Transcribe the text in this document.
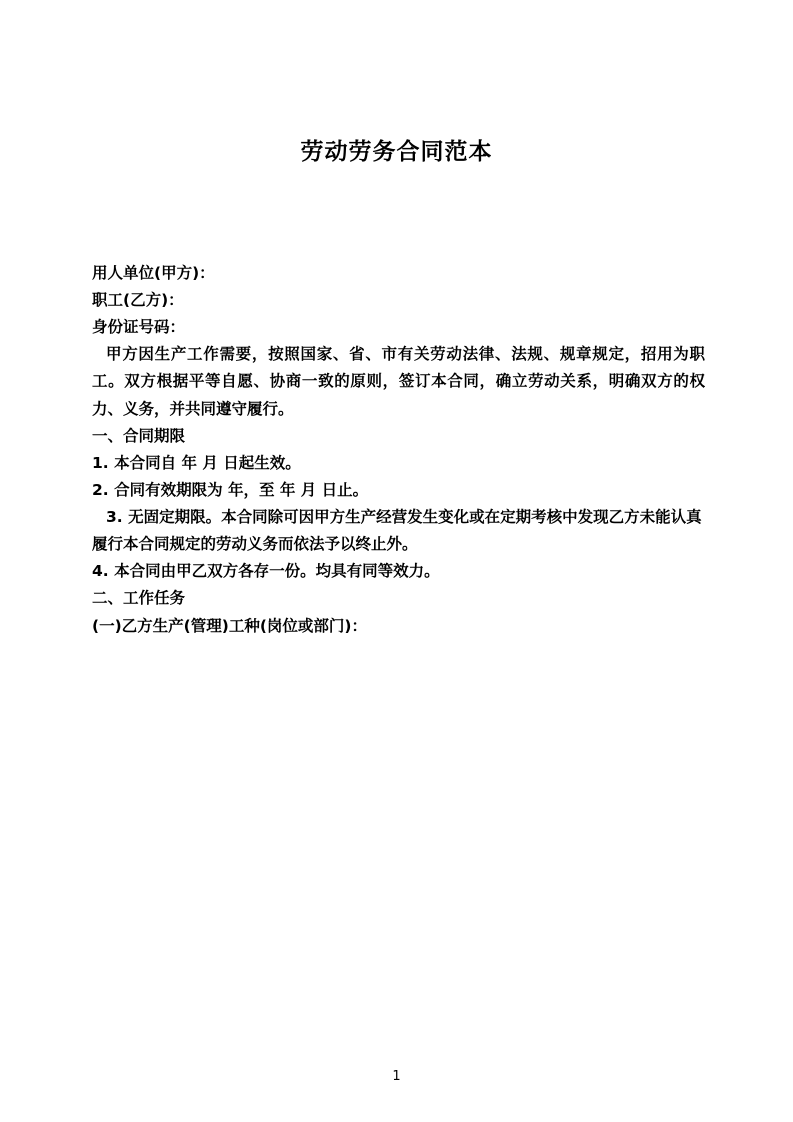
劳动劳务合同范本

用人单位(甲方)：

职工(乙方)：

身份证号码：

甲方因生产工作需要，按照国家、省、市有关劳动法律、法规、规章规定，招用为职工。双方根据平等自愿、协商一致的原则，签订本合同，确立劳动关系，明确双方的权力、义务，并共同遵守履行。

一、合同期限

1. 本合同自 年 月 日起生效。

2. 合同有效期限为 年，至 年 月 日止。

3. 无固定期限。本合同除可因甲方生产经营发生变化或在定期考核中发现乙方未能认真

履行本合同规定的劳动义务而依法予以终止外。

4. 本合同由甲乙双方各存一份。均具有同等效力。

二、工作任务

(一)乙方生产(管理)工种(岗位或部门)：

1
